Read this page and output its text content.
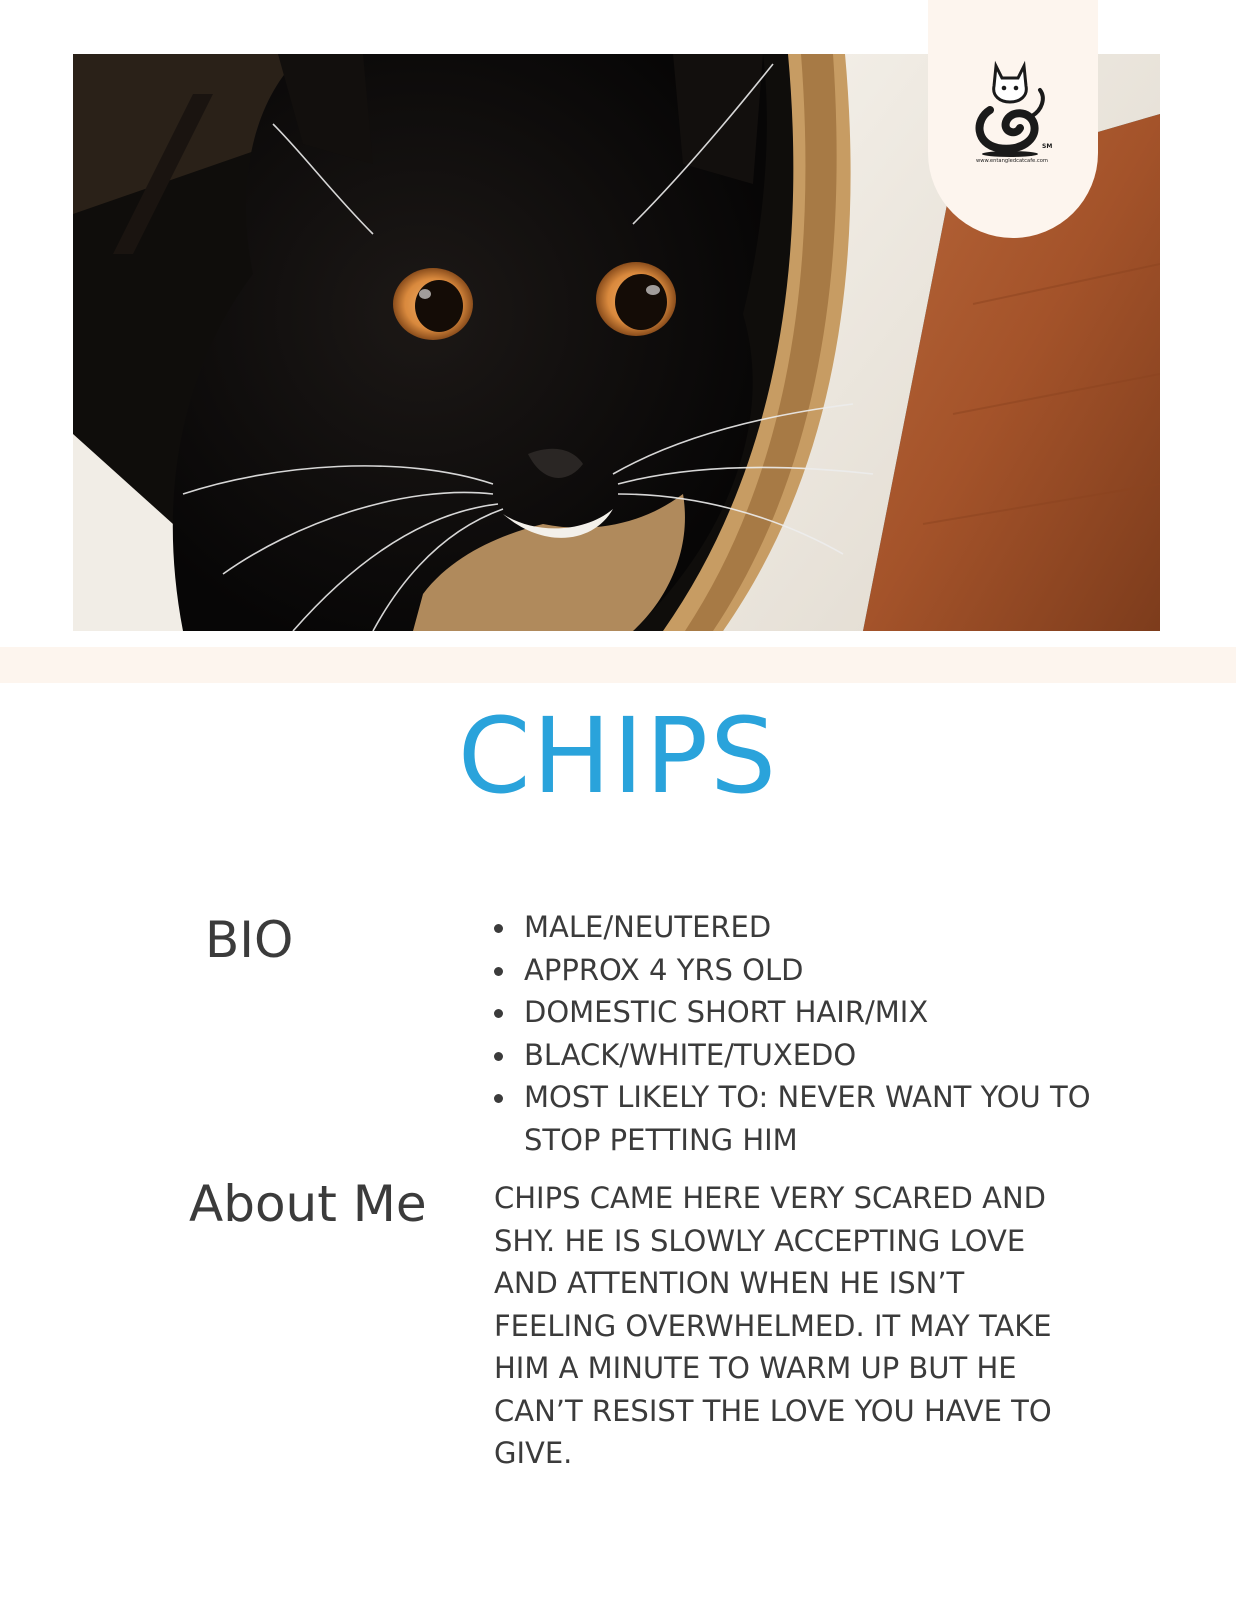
SM
www.entangledcatcafe.com
CHIPS
BIO	MALE/NEUTERED
APPROX 4 YRS OLD
DOMESTIC SHORT HAIR/MIX
BLACK/WHITE/TUXEDO
MOST LIKELY TO: NEVER WANT YOU TO STOP PETTING HIM
About Me CHIPS CAME HERE VERY SCARED AND SHY. HE IS SLOWLY ACCEPTING LOVE AND ATTENTION WHEN HE ISN’T FEELING OVERWHELMED. IT MAY TAKE HIM A MINUTE TO WARM UP BUT HE CAN’T RESIST THE LOVE YOU HAVE TO GIVE.
